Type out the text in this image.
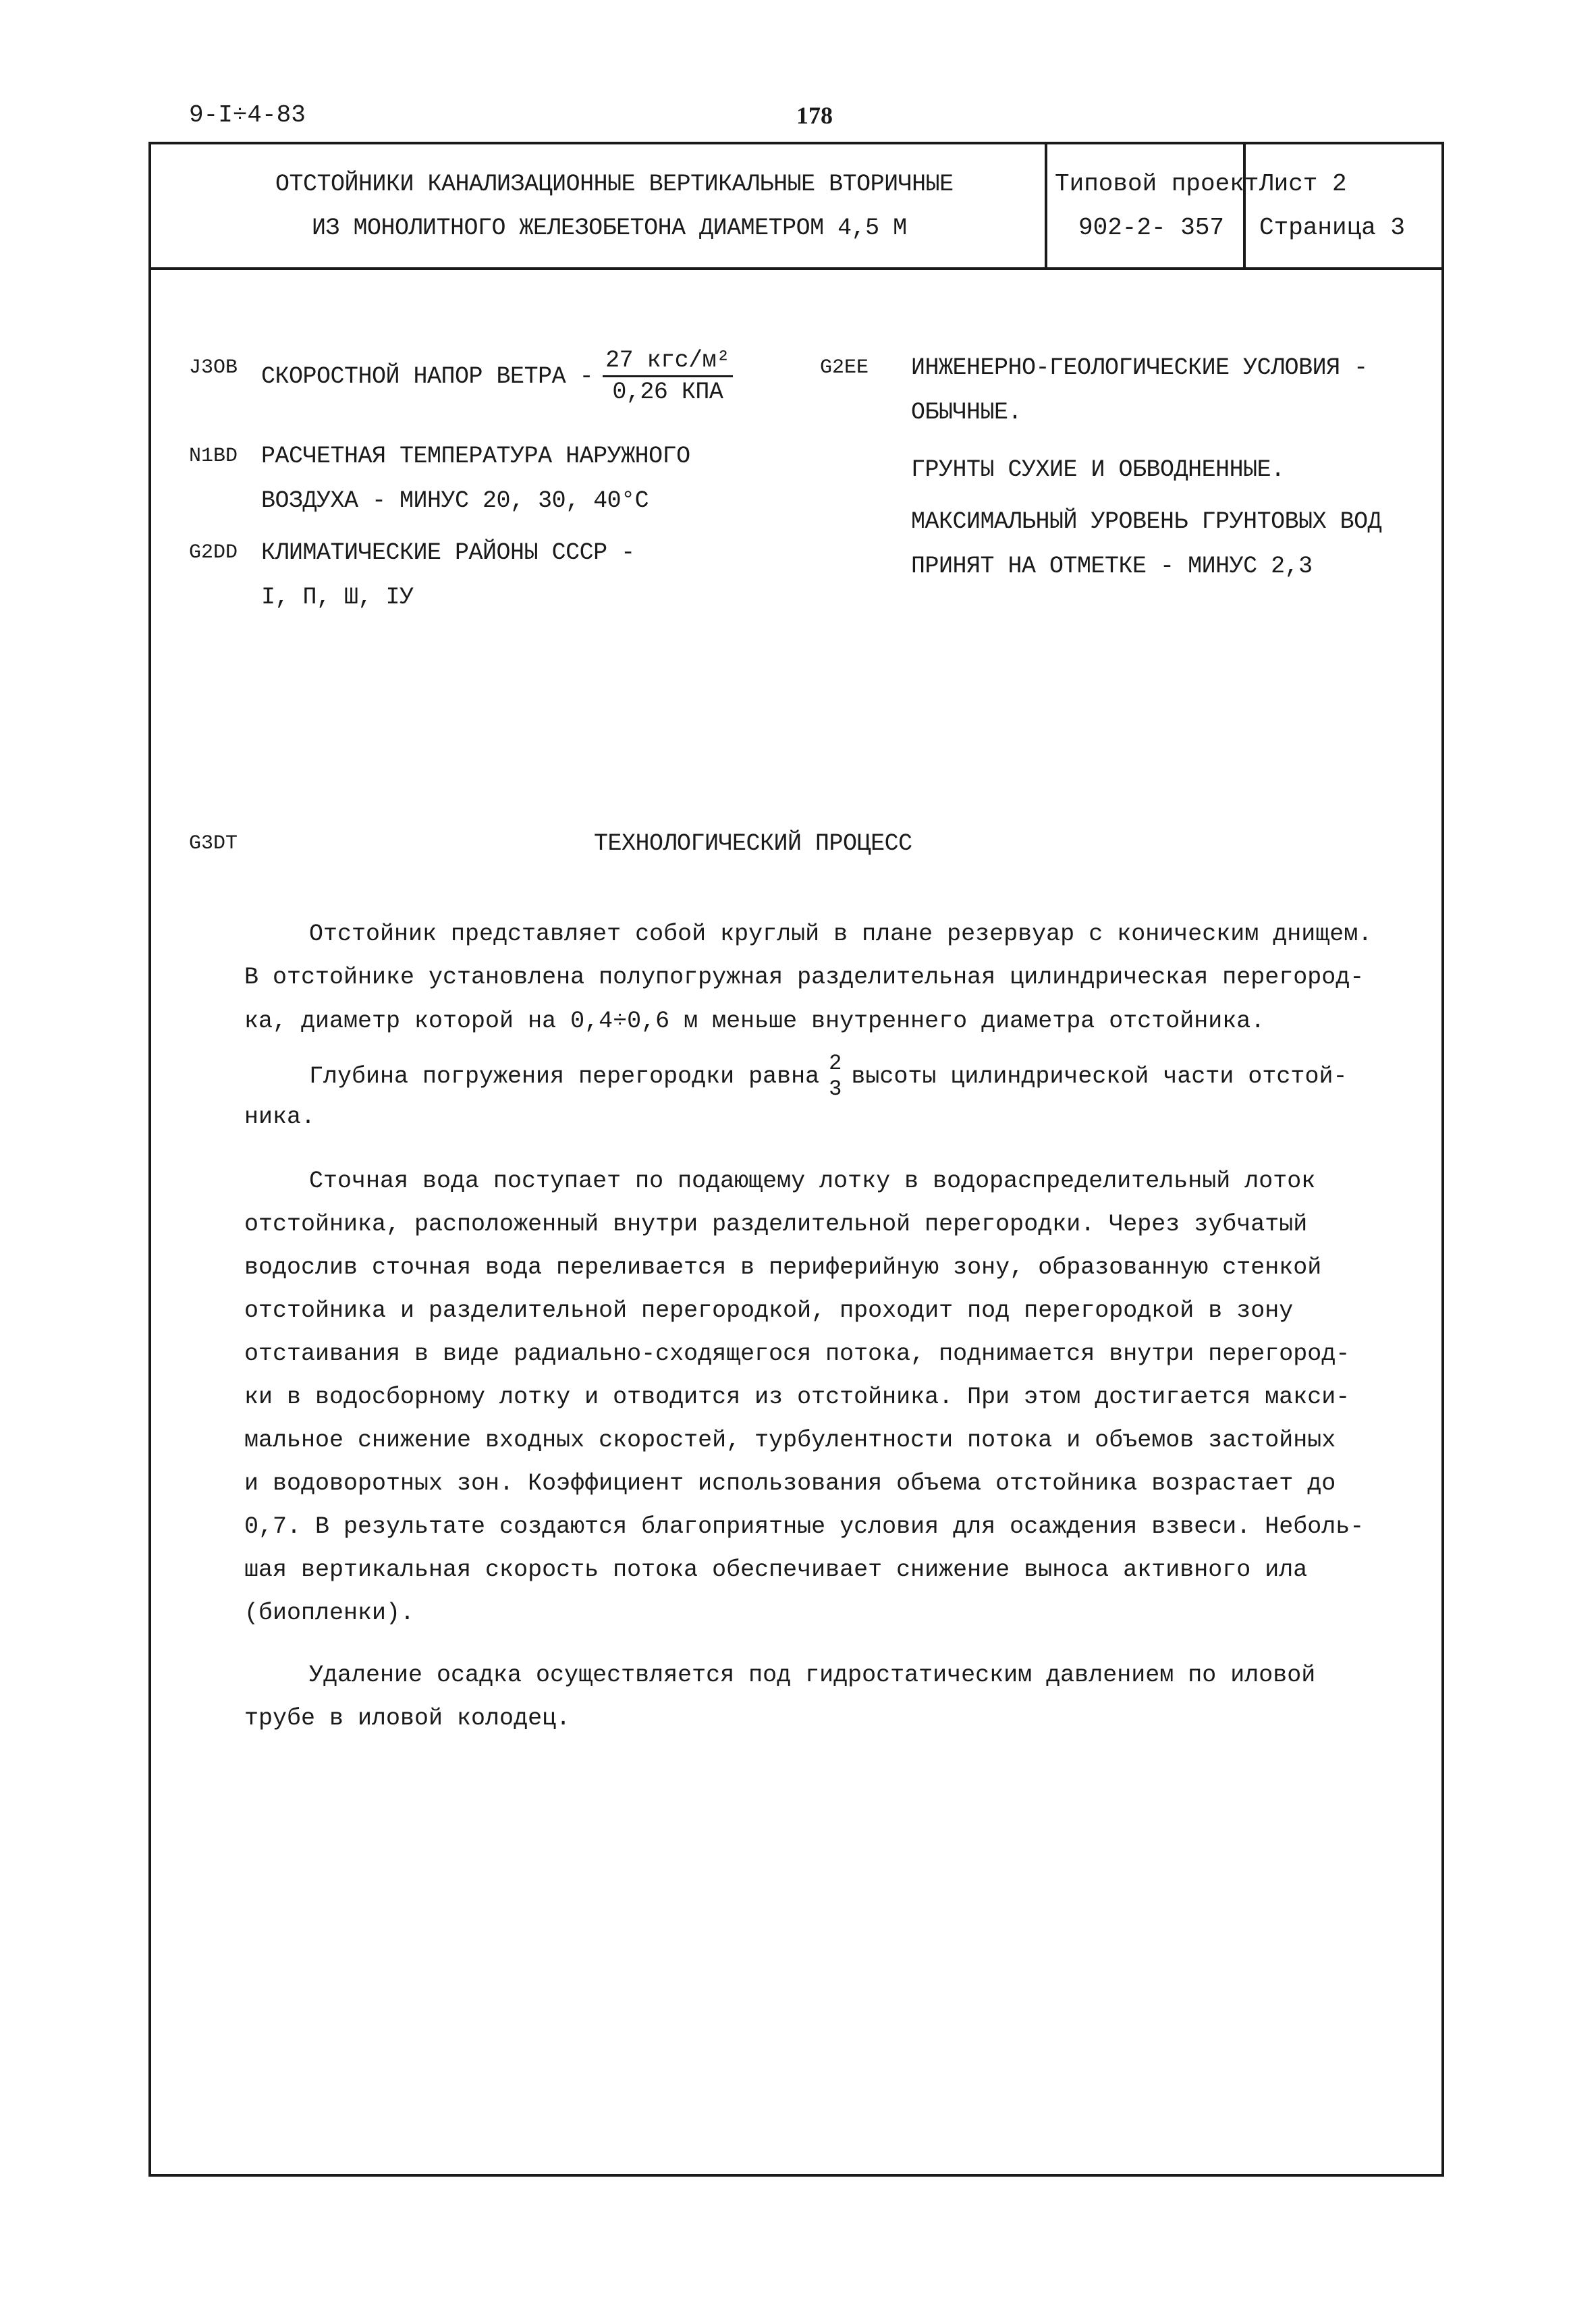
9-I÷4-83	178
ОТСТОЙНИКИ КАНАЛИЗАЦИОННЫЕ ВЕРТИКАЛЬНЫЕ ВТОРИЧНЫЕ
ИЗ МОНОЛИТНОГО ЖЕЛЕЗОБЕТОНА ДИАМЕТРОМ 4,5 М
Типовой проект
902-2- 357
Лист 2
Страница 3
J3OB СКОРОСТНОЙ НАПОР ВЕТРА - $\frac{\text{27 кгс/м²}}{\text{0,26 КПА}}$
N1BD РАСЧЕТНАЯ ТЕМПЕРАТУРА НАРУЖНОГО
ВОЗДУХА - МИНУС 20, 30, 40°С
G2DD КЛИМАТИЧЕСКИЕ РАЙОНЫ СССР -
I, П, Ш, IУ
G2EE ИНЖЕНЕРНО-ГЕОЛОГИЧЕСКИЕ УСЛОВИЯ -
ОБЫЧНЫЕ.
ГРУНТЫ СУХИЕ И ОБВОДНЕННЫЕ.
МАКСИМАЛЬНЫЙ УРОВЕНЬ ГРУНТОВЫХ ВОД
ПРИНЯТ НА ОТМЕТКЕ - МИНУС 2,3
G3DT	ТЕХНОЛОГИЧЕСКИЙ ПРОЦЕСС
Отстойник представляет собой круглый в плане резервуар с коническим днищем.
В отстойнике установлена полупогружная разделительная цилиндрическая перегород-
ка, диаметр которой на 0,4÷0,6 м меньше внутреннего диаметра отстойника.
Глубина погружения перегородки равна 2
3 высоты цилиндрической части отстой-
ника.
Сточная вода поступает по подающему лотку в водораспределительный лоток
отстойника, расположенный внутри разделительной перегородки. Через зубчатый
водослив сточная вода переливается в периферийную зону, образованную стенкой
отстойника и разделительной перегородкой, проходит под перегородкой в зону
отстаивания в виде радиально-сходящегося потока, поднимается внутри перегород-
ки в водосборному лотку и отводится из отстойника. При этом достигается макси-
мальное снижение входных скоростей, турбулентности потока и объемов застойных
и водоворотных зон. Коэффициент использования объема отстойника возрастает до
0,7. В результате создаются благоприятные условия для осаждения взвеси. Неболь-
шая вертикальная скорость потока обеспечивает снижение выноса активного ила
(биопленки).
Удаление осадка осуществляется под гидростатическим давлением по иловой
трубе в иловой колодец.
